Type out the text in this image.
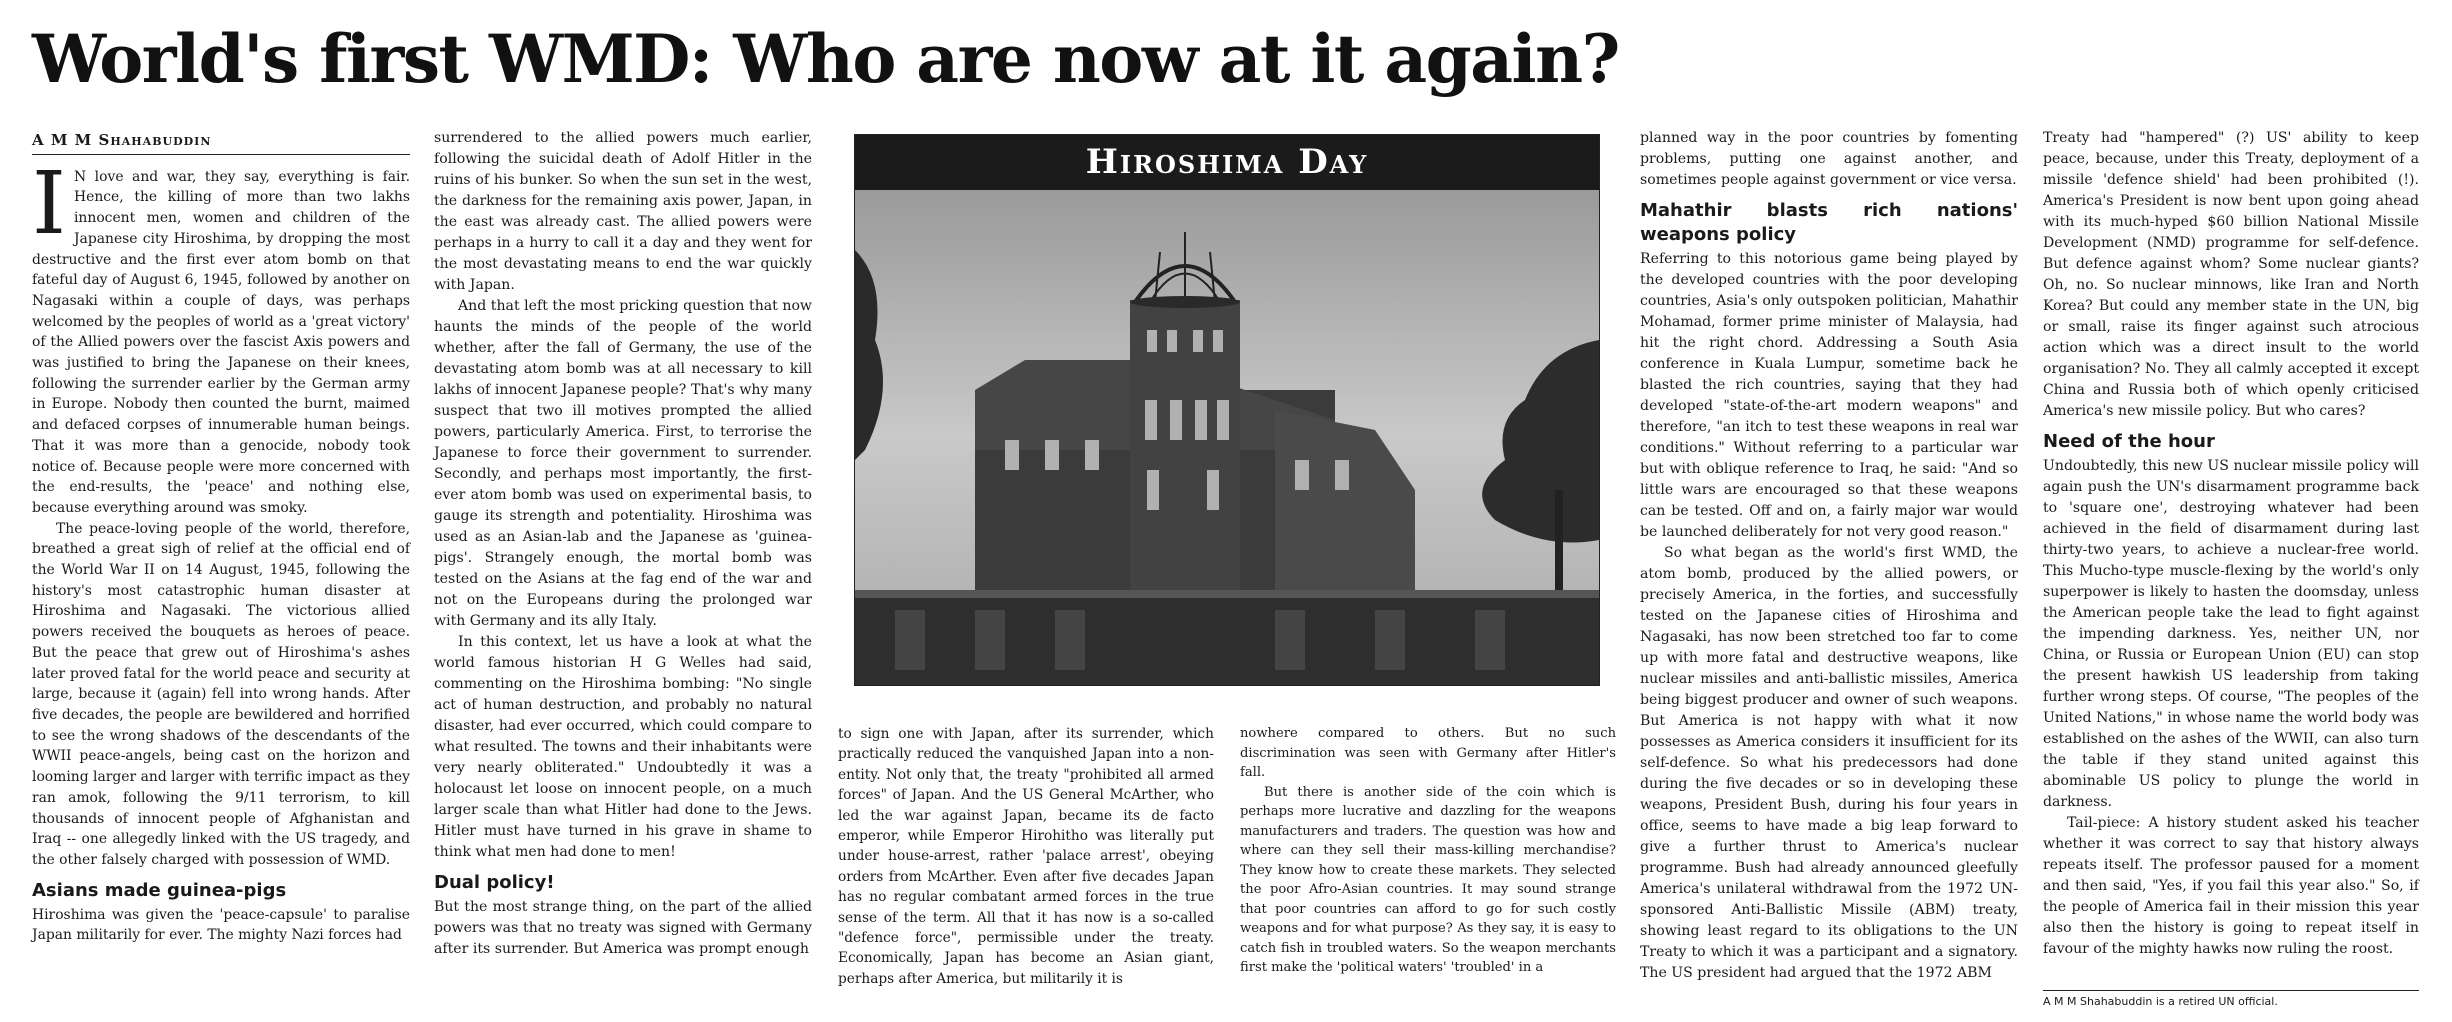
World's first WMD: Who are now at it again?
A M M Shahabuddin

I N love and war, they say, everything is fair. Hence, the killing of more than two lakhs innocent men, women and children of the Japanese city Hiroshima, by dropping the most destructive and the first ever atom bomb on that fateful day of August 6, 1945, followed by another on Nagasaki within a couple of days, was perhaps welcomed by the peoples of world as a 'great victory' of the Allied powers over the fascist Axis powers and was justified to bring the Japanese on their knees, following the surrender earlier by the German army in Europe. Nobody then counted the burnt, maimed and defaced corpses of innumerable human beings. That it was more than a genocide, nobody took notice of. Because people were more concerned with the end-results, the 'peace' and nothing else, because everything around was smoky.

The peace-loving people of the world, therefore, breathed a great sigh of relief at the official end of the World War II on 14 August, 1945, following the history's most catastrophic human disaster at Hiroshima and Nagasaki. The victorious allied powers received the bouquets as heroes of peace. But the peace that grew out of Hiroshima's ashes later proved fatal for the world peace and security at large, because it (again) fell into wrong hands. After five decades, the people are bewildered and horrified to see the wrong shadows of the descendants of the WWII peace-angels, being cast on the horizon and looming larger and larger with terrific impact as they ran amok, following the 9/11 terrorism, to kill thousands of innocent people of Afghanistan and Iraq -- one allegedly linked with the US tragedy, and the other falsely charged with possession of WMD.

Asians made guinea-pigs

Hiroshima was given the 'peace-capsule' to paralise Japan militarily for ever. The mighty Nazi forces had

surrendered to the allied powers much earlier, following the suicidal death of Adolf Hitler in the ruins of his bunker. So when the sun set in the west, the darkness for the remaining axis power, Japan, in the east was already cast. The allied powers were perhaps in a hurry to call it a day and they went for the most devastating means to end the war quickly with Japan.

And that left the most pricking question that now haunts the minds of the people of the world whether, after the fall of Germany, the use of the devastating atom bomb was at all necessary to kill lakhs of innocent Japanese people? That's why many suspect that two ill motives prompted the allied powers, particularly America. First, to terrorise the Japanese to force their government to surrender. Secondly, and perhaps most importantly, the first-ever atom bomb was used on experimental basis, to gauge its strength and potentiality. Hiroshima was used as an Asian-lab and the Japanese as 'guinea-pigs'. Strangely enough, the mortal bomb was tested on the Asians at the fag end of the war and not on the Europeans during the prolonged war with Germany and its ally Italy.

In this context, let us have a look at what the world famous historian H G Welles had said, commenting on the Hiroshima bombing: "No single act of human destruction, and probably no natural disaster, had ever occurred, which could compare to what resulted. The towns and their inhabitants were very nearly obliterated." Undoubtedly it was a holocaust let loose on innocent people, on a much larger scale than what Hitler had done to the Jews. Hitler must have turned in his grave in shame to think what men had done to men!

Dual policy!

But the most strange thing, on the part of the allied powers was that no treaty was signed with Germany after its surrender. But America was prompt enough

Hiroshima Day

to sign one with Japan, after its surrender, which practically reduced the vanquished Japan into a non-entity. Not only that, the treaty "prohibited all armed forces" of Japan. And the US General McArther, who led the war against Japan, became its de facto emperor, while Emperor Hirohitho was literally put under house-arrest, rather 'palace arrest', obeying orders from McArther. Even after five decades Japan has no regular combatant armed forces in the true sense of the term. All that it has now is a so-called "defence force", permissible under the treaty. Economically, Japan has become an Asian giant, perhaps after America, but militarily it is

nowhere compared to others. But no such discrimination was seen with Germany after Hitler's fall.

But there is another side of the coin which is perhaps more lucrative and dazzling for the weapons manufacturers and traders. The question was how and where can they sell their mass-killing merchandise? They know how to create these markets. They selected the poor Afro-Asian countries. It may sound strange that poor countries can afford to go for such costly weapons and for what purpose? As they say, it is easy to catch fish in troubled waters. So the weapon merchants first make the 'political waters' 'troubled' in a

planned way in the poor countries by fomenting problems, putting one against another, and sometimes people against government or vice versa.

Mahathir blasts rich nations' weapons policy

Referring to this notorious game being played by the developed countries with the poor developing countries, Asia's only outspoken politician, Mahathir Mohamad, former prime minister of Malaysia, had hit the right chord. Addressing a South Asia conference in Kuala Lumpur, sometime back he blasted the rich countries, saying that they had developed "state-of-the-art modern weapons" and therefore, "an itch to test these weapons in real war conditions." Without referring to a particular war but with oblique reference to Iraq, he said: "And so little wars are encouraged so that these weapons can be tested. Off and on, a fairly major war would be launched deliberately for not very good reason."

So what began as the world's first WMD, the atom bomb, produced by the allied powers, or precisely America, in the forties, and successfully tested on the Japanese cities of Hiroshima and Nagasaki, has now been stretched too far to come up with more fatal and destructive weapons, like nuclear missiles and anti-ballistic missiles, America being biggest producer and owner of such weapons. But America is not happy with what it now possesses as America considers it insufficient for its self-defence. So what his predecessors had done during the five decades or so in developing these weapons, President Bush, during his four years in office, seems to have made a big leap forward to give a further thrust to America's nuclear programme. Bush had already announced gleefully America's unilateral withdrawal from the 1972 UN-sponsored Anti-Ballistic Missile (ABM) treaty, showing least regard to its obligations to the UN Treaty to which it was a participant and a signatory. The US president had argued that the 1972 ABM

Treaty had "hampered" (?) US' ability to keep peace, because, under this Treaty, deployment of a missile 'defence shield' had been prohibited (!). America's President is now bent upon going ahead with its much-hyped $60 billion National Missile Development (NMD) programme for self-defence. But defence against whom? Some nuclear giants? Oh, no. So nuclear minnows, like Iran and North Korea? But could any member state in the UN, big or small, raise its finger against such atrocious action which was a direct insult to the world organisation? No. They all calmly accepted it except China and Russia both of which openly criticised America's new missile policy. But who cares?

Need of the hour

Undoubtedly, this new US nuclear missile policy will again push the UN's disarmament programme back to 'square one', destroying whatever had been achieved in the field of disarmament during last thirty-two years, to achieve a nuclear-free world. This Mucho-type muscle-flexing by the world's only superpower is likely to hasten the doomsday, unless the American people take the lead to fight against the impending darkness. Yes, neither UN, nor China, or Russia or European Union (EU) can stop the present hawkish US leadership from taking further wrong steps. Of course, "The peoples of the United Nations," in whose name the world body was established on the ashes of the WWII, can also turn the table if they stand united against this abominable US policy to plunge the world in darkness.

Tail-piece: A history student asked his teacher whether it was correct to say that history always repeats itself. The professor paused for a moment and then said, "Yes, if you fail this year also." So, if the people of America fail in their mission this year also then the history is going to repeat itself in favour of the mighty hawks now ruling the roost.

A M M Shahabuddin is a retired UN official.
